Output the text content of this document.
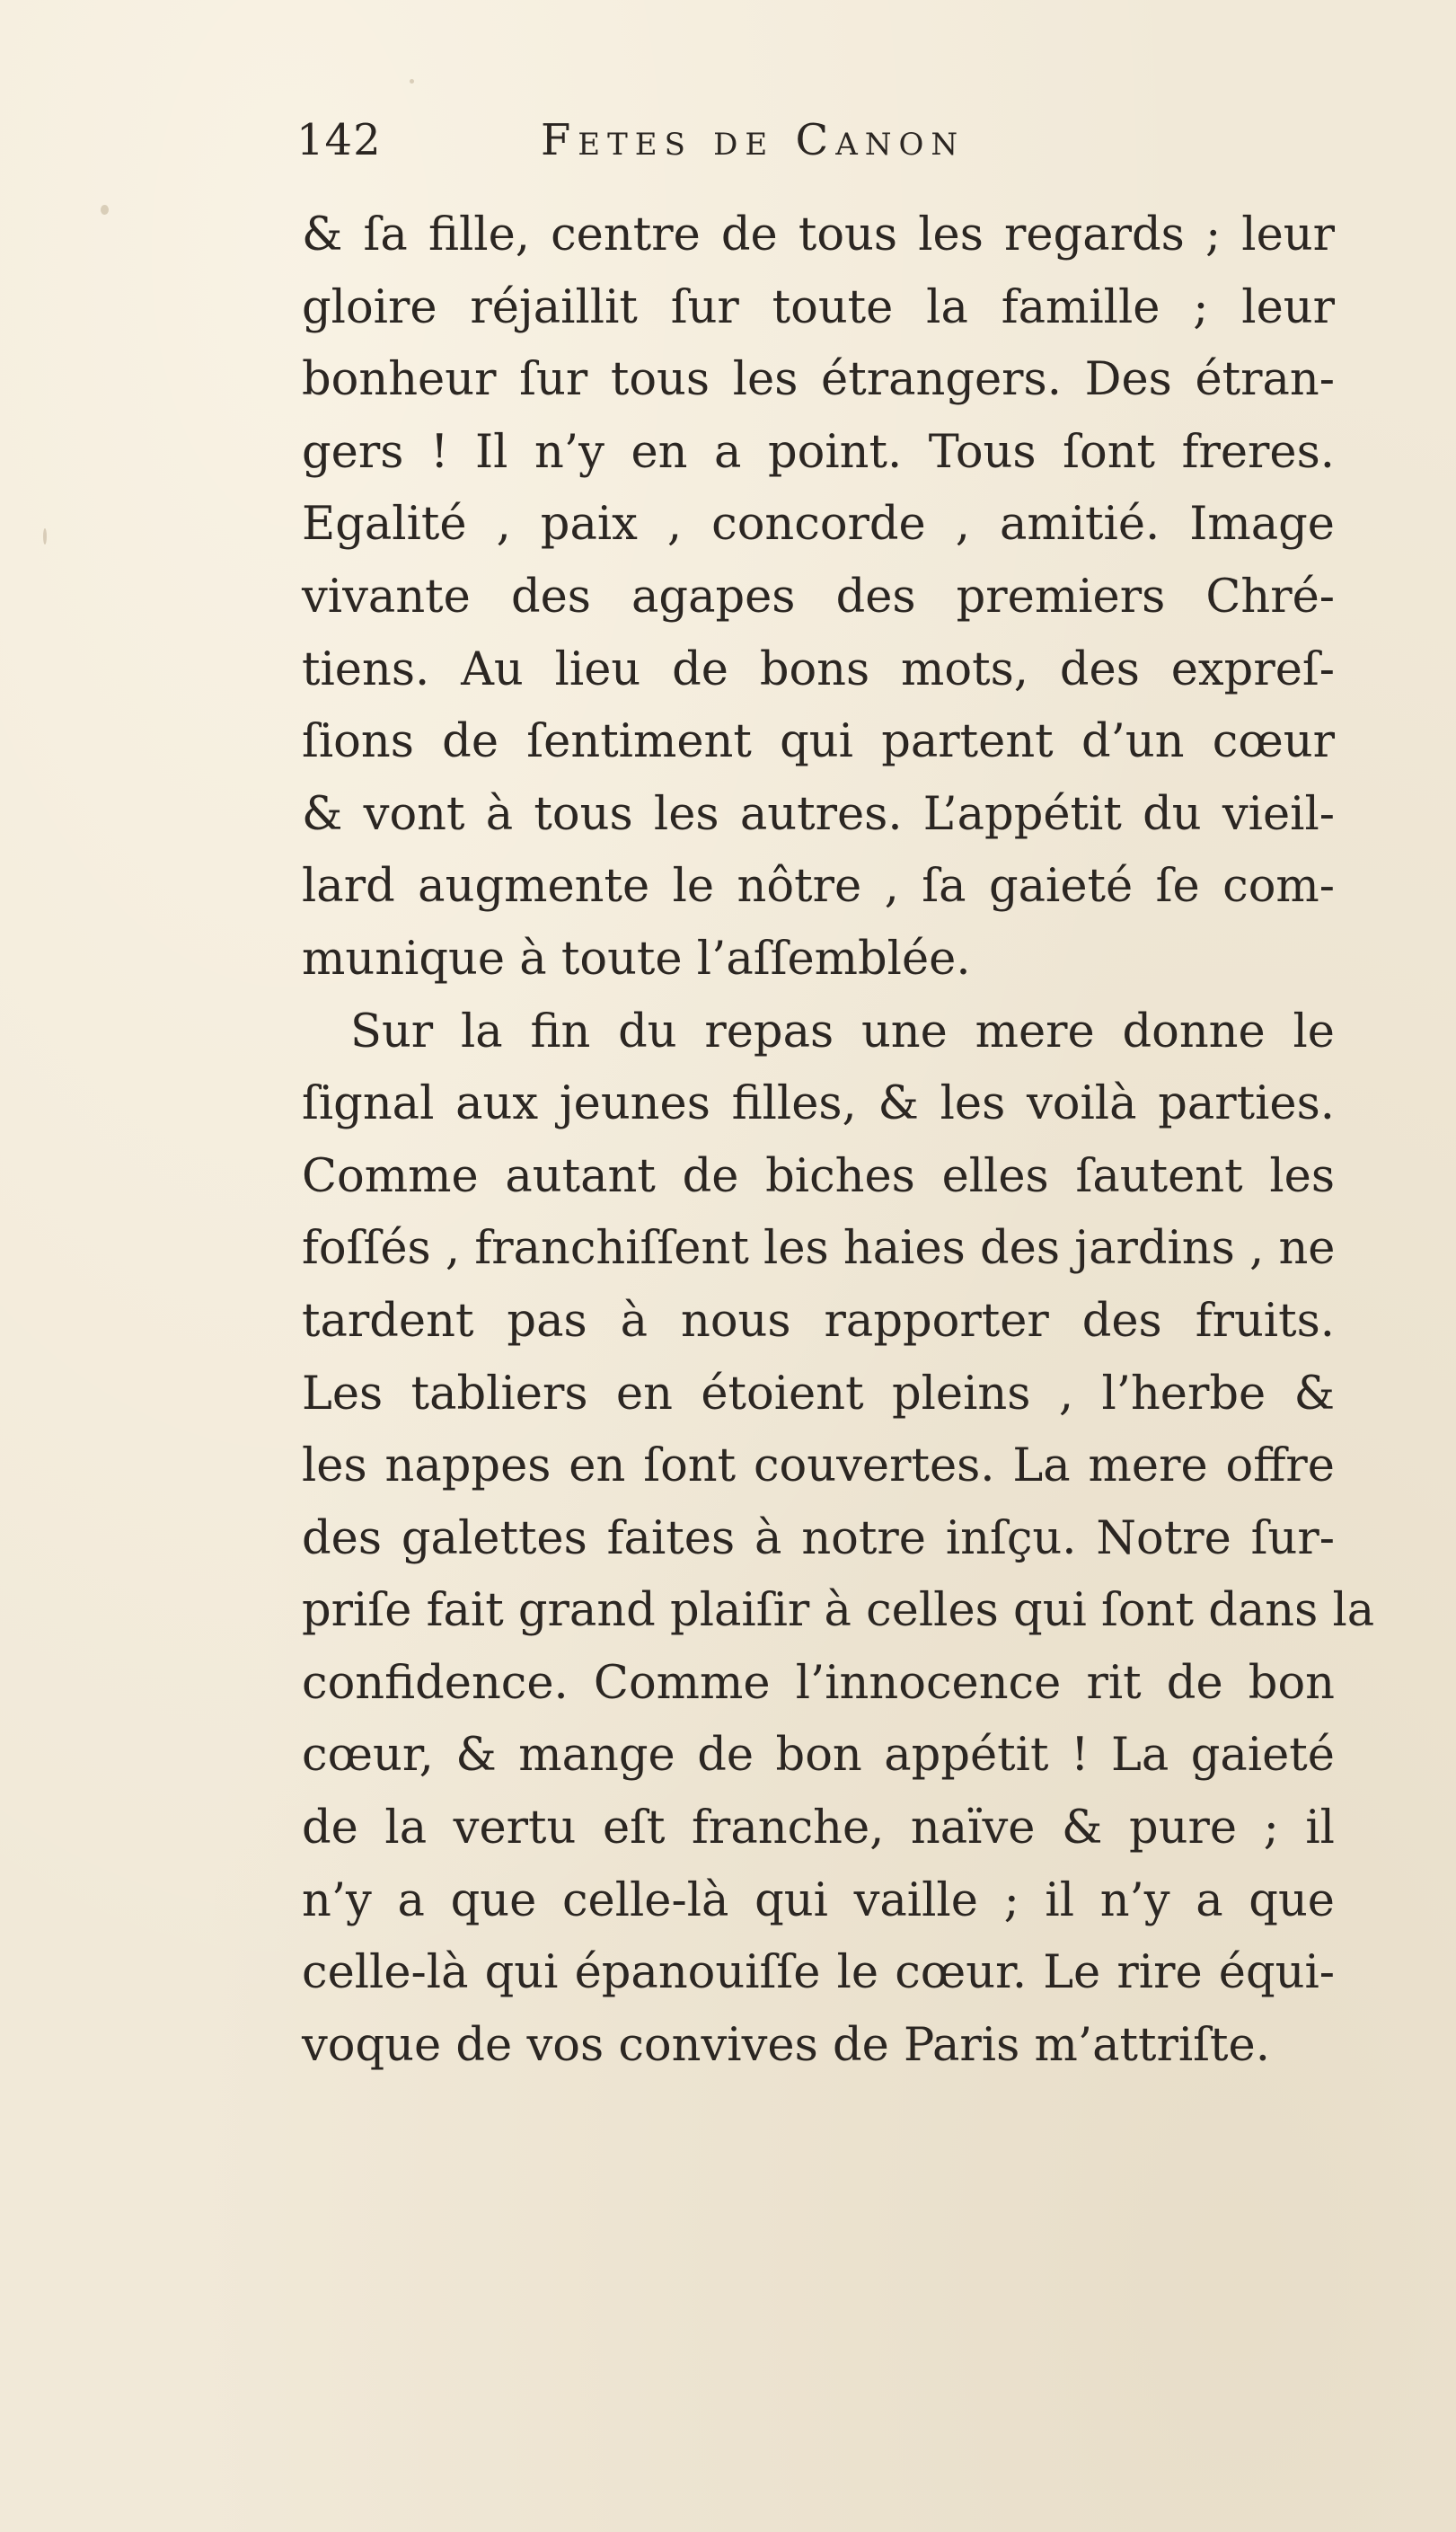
142	Fetes de Canon
& ſa fille, centre de tous les regards ; leur
gloire réjaillit ſur toute la famille ; leur
bonheur ſur tous les étrangers. Des étran-
gers ! Il n’y en a point. Tous ſont freres.
Egalité , paix , concorde , amitié. Image
vivante des agapes des premiers Chré-
tiens. Au lieu de bons mots, des expreſ-
ſions de ſentiment qui partent d’un cœur
& vont à tous les autres. L’appétit du vieil-
lard augmente le nôtre , ſa gaieté ſe com-
munique à toute l’aſſemblée.
Sur la fin du repas une mere donne le
ſignal aux jeunes filles, & les voilà parties.
Comme autant de biches elles ſautent les
foſſés , franchiſſent les haies des jardins , ne
tardent pas à nous rapporter des fruits.
Les tabliers en étoient pleins , l’herbe &
les nappes en ſont couvertes. La mere offre
des galettes faites à notre inſçu. Notre ſur-
priſe fait grand plaiſir à celles qui ſont dans la
confidence. Comme l’innocence rit de bon
cœur, & mange de bon appétit ! La gaieté
de la vertu eſt franche, naïve & pure ; il
n’y a que celle-là qui vaille ; il n’y a que
celle-là qui épanouiſſe le cœur. Le rire équi-
voque de vos convives de Paris m’attriſte.
